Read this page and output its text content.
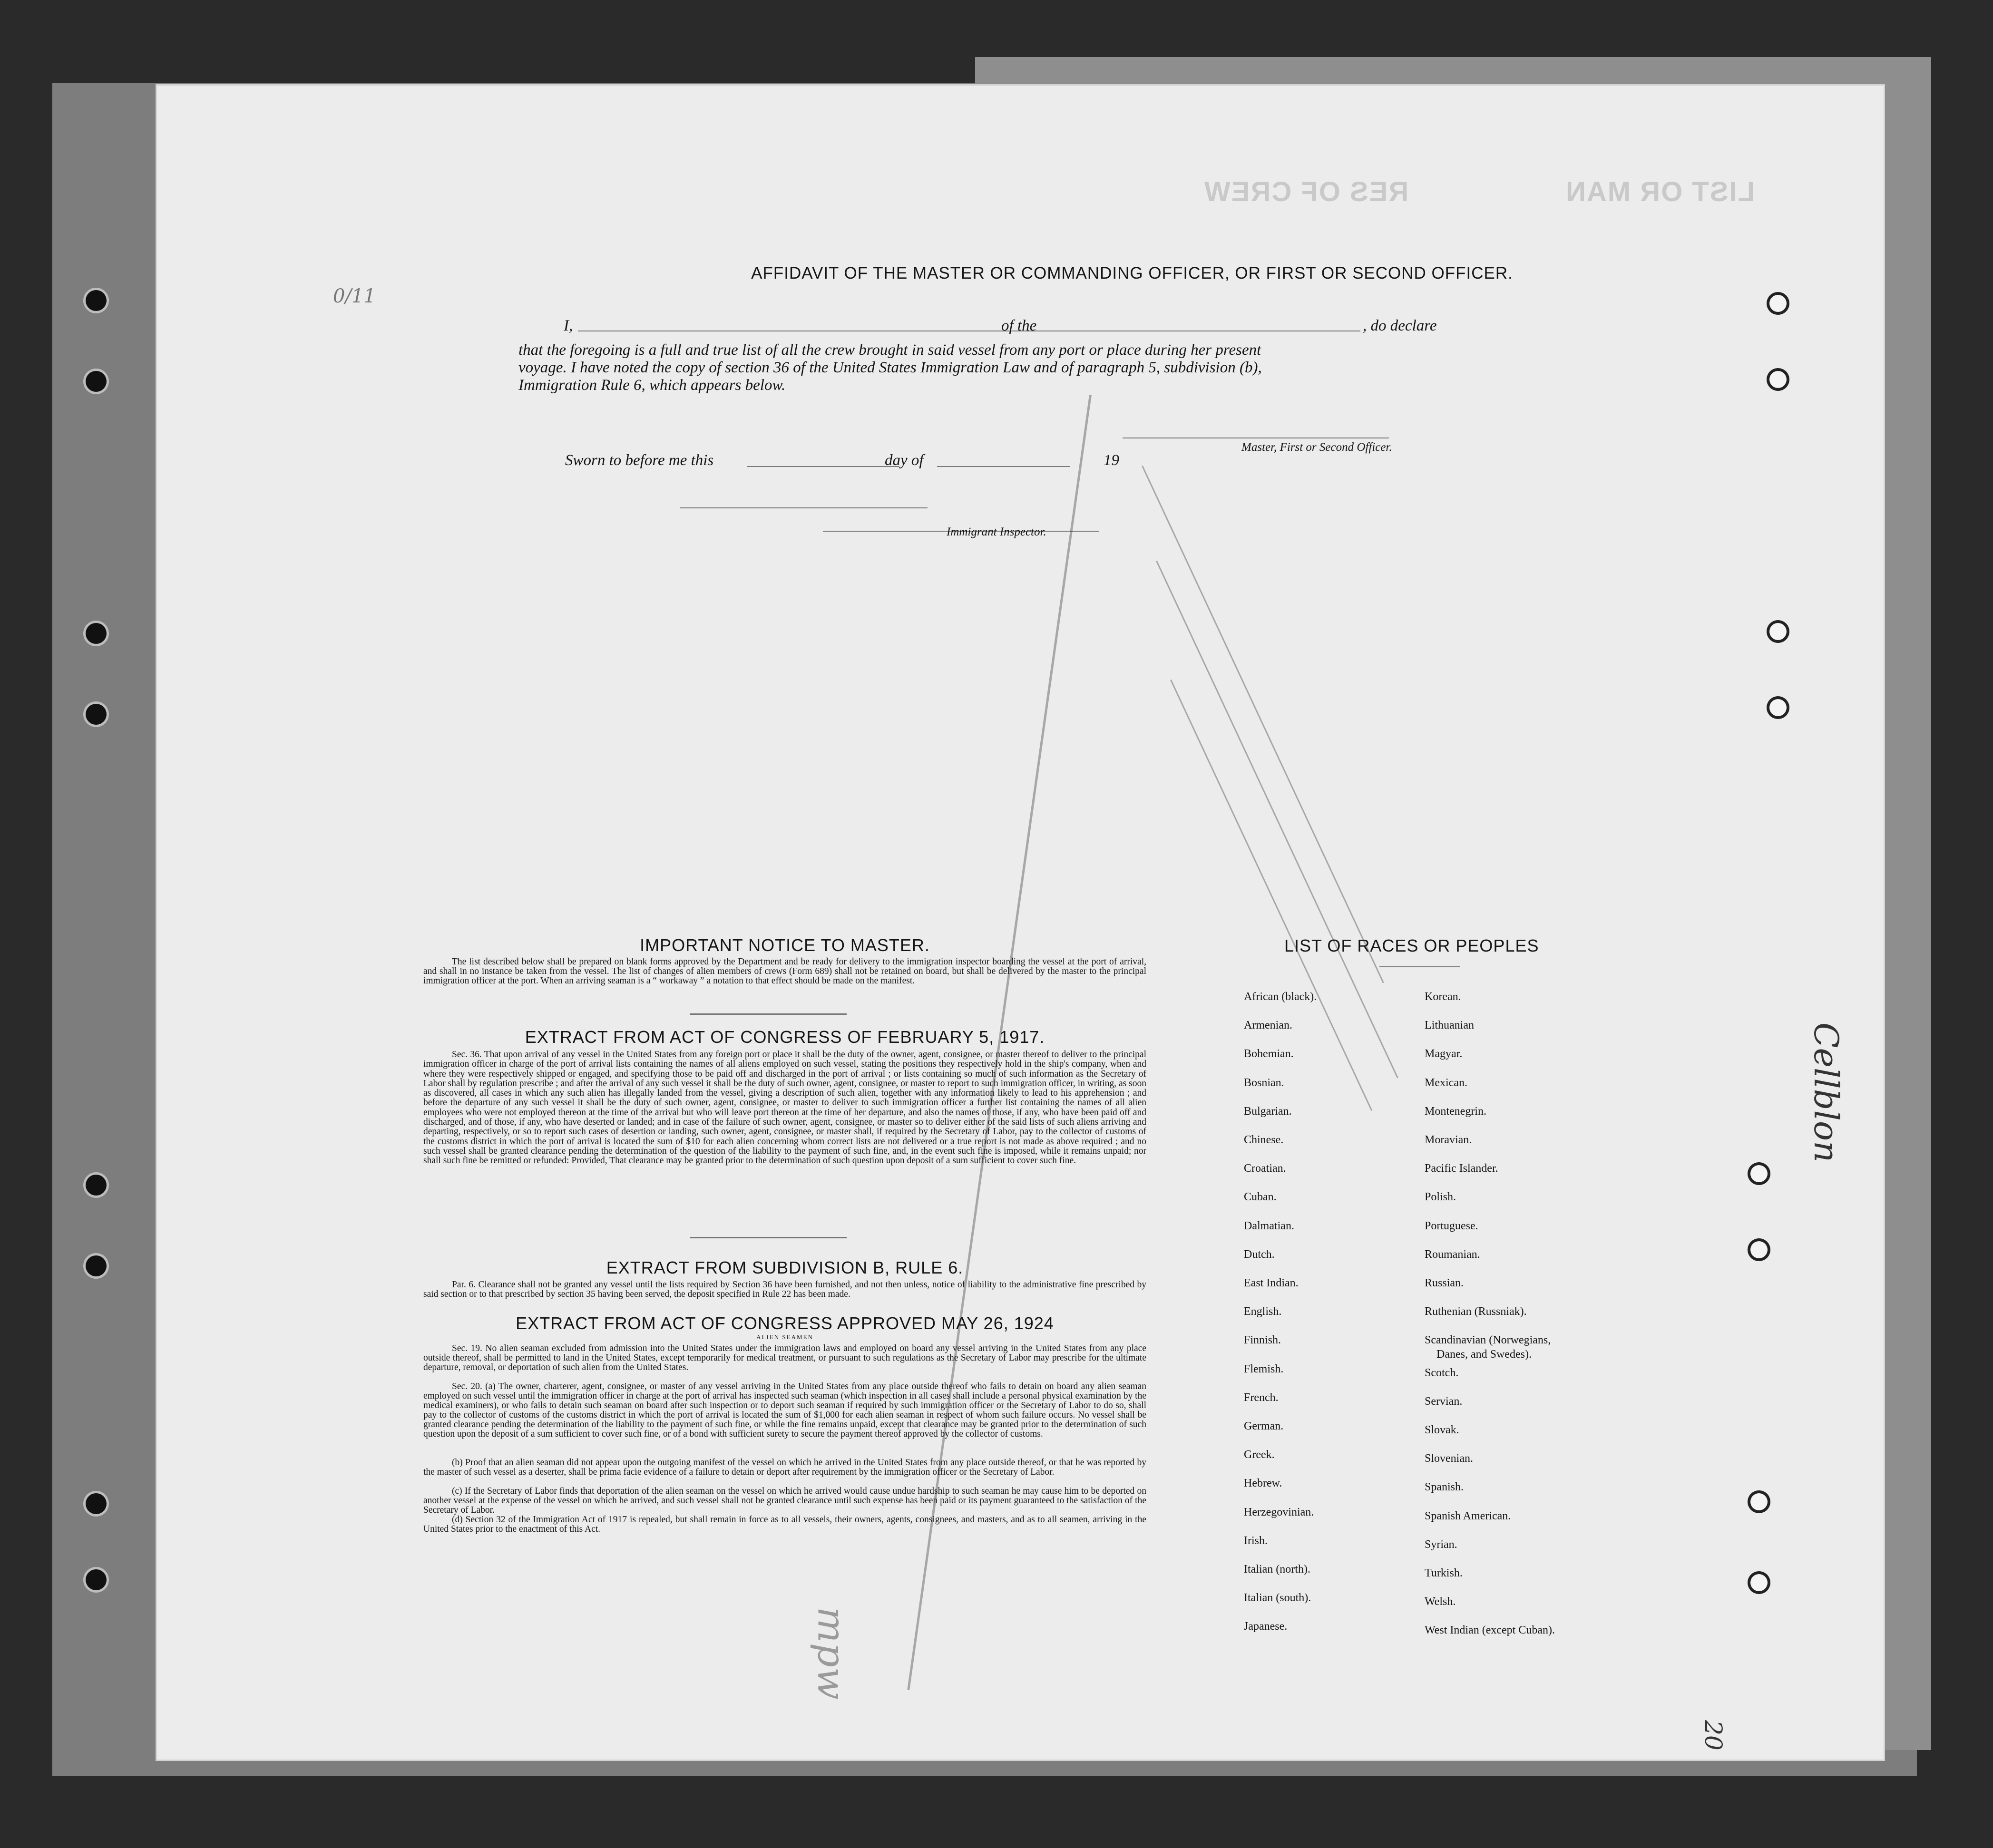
RES OF CREW	LIST OR MAN
AFFIDAVIT OF THE MASTER OR COMMANDING OFFICER, OR FIRST OR SECOND OFFICER.
I,	of the	, do declare
that the foregoing is a full and true list of all the crew brought in said vessel from any port or place during her present
voyage. I have noted the copy of section 36 of the United States Immigration Law and of paragraph 5, subdivision (b),
Immigration Rule 6, which appears below.
Master, First or Second Officer.
Sworn to before me this	day of	19
Immigrant Inspector.
IMPORTANT NOTICE TO MASTER.
The list described below shall be prepared on blank forms approved by the Department and be ready for delivery to the immigration inspector boarding the vessel at the port of arrival, and shall in no instance be taken from the vessel. The list of changes of alien members of crews (Form 689) shall not be retained on board, but shall be delivered by the master to the principal immigration officer at the port. When an arriving seaman is a “ workaway ” a notation to that effect should be made on the manifest.
EXTRACT FROM ACT OF CONGRESS OF FEBRUARY 5, 1917.
Sec. 36. That upon arrival of any vessel in the United States from any foreign port or place it shall be the duty of the owner, agent, consignee, or master thereof to deliver to the principal immigration officer in charge of the port of arrival lists containing the names of all aliens employed on such vessel, stating the positions they respectively hold in the ship's company, when and where they were respectively shipped or engaged, and specifying those to be paid off and discharged in the port of arrival ; or lists containing so much of such information as the Secretary of Labor shall by regulation prescribe ; and after the arrival of any such vessel it shall be the duty of such owner, agent, consignee, or master to report to such immigration officer, in writing, as soon as discovered, all cases in which any such alien has illegally landed from the vessel, giving a description of such alien, together with any information likely to lead to his apprehension ; and before the departure of any such vessel it shall be the duty of such owner, agent, consignee, or master to deliver to such immigration officer a further list containing the names of all alien employees who were not employed thereon at the time of the arrival but who will leave port thereon at the time of her departure, and also the names of those, if any, who have been paid off and discharged, and of those, if any, who have deserted or landed; and in case of the failure of such owner, agent, consignee, or master so to deliver either of the said lists of such aliens arriving and departing, respectively, or so to report such cases of desertion or landing, such owner, agent, consignee, or master shall, if required by the Secretary of Labor, pay to the collector of customs of the customs district in which the port of arrival is located the sum of $10 for each alien concerning whom correct lists are not delivered or a true report is not made as above required ; and no such vessel shall be granted clearance pending the determination of the question of the liability to the payment of such fine, and, in the event such fine is imposed, while it remains unpaid; nor shall such fine be remitted or refunded: Provided, That clearance may be granted prior to the determination of such question upon deposit of a sum sufficient to cover such fine.
EXTRACT FROM SUBDIVISION B, RULE 6.
Par. 6. Clearance shall not be granted any vessel until the lists required by Section 36 have been furnished, and not then unless, notice of liability to the administrative fine prescribed by said section or to that prescribed by section 35 having been served, the deposit specified in Rule 22 has been made.
EXTRACT FROM ACT OF CONGRESS APPROVED MAY 26, 1924
ALIEN SEAMEN
Sec. 19. No alien seaman excluded from admission into the United States under the immigration laws and employed on board any vessel arriving in the United States from any place outside thereof, shall be permitted to land in the United States, except temporarily for medical treatment, or pursuant to such regulations as the Secretary of Labor may prescribe for the ultimate departure, removal, or deportation of such alien from the United States.
Sec. 20. (a) The owner, charterer, agent, consignee, or master of any vessel arriving in the United States from any place outside thereof who fails to detain on board any alien seaman employed on such vessel until the immigration officer in charge at the port of arrival has inspected such seaman (which inspection in all cases shall include a personal physical examination by the medical examiners), or who fails to detain such seaman on board after such inspection or to deport such seaman if required by such immigration officer or the Secretary of Labor to do so, shall pay to the collector of customs of the customs district in which the port of arrival is located the sum of $1,000 for each alien seaman in respect of whom such failure occurs. No vessel shall be granted clearance pending the determination of the liability to the payment of such fine, or while the fine remains unpaid, except that clearance may be granted prior to the determination of such question upon the deposit of a sum sufficient to cover such fine, or of a bond with sufficient surety to secure the payment thereof approved by the collector of customs.
(b) Proof that an alien seaman did not appear upon the outgoing manifest of the vessel on which he arrived in the United States from any place outside thereof, or that he was reported by the master of such vessel as a deserter, shall be prima facie evidence of a failure to detain or deport after requirement by the immigration officer or the Secretary of Labor.
(c) If the Secretary of Labor finds that deportation of the alien seaman on the vessel on which he arrived would cause undue hardship to such seaman he may cause him to be deported on another vessel at the expense of the vessel on which he arrived, and such vessel shall not be granted clearance until such expense has been paid or its payment guaranteed to the satisfaction of the Secretary of Labor.
(d) Section 32 of the Immigration Act of 1917 is repealed, but shall remain in force as to all vessels, their owners, agents, consignees, and masters, and as to all seamen, arriving in the United States prior to the enactment of this Act.
LIST OF RACES OR PEOPLES
African (black).
Armenian.
Bohemian.
Bosnian.
Bulgarian.
Chinese.
Croatian.
Cuban.
Dalmatian.
Dutch.
East Indian.
English.
Finnish.
Flemish.
French.
German.
Greek.
Hebrew.
Herzegovinian.
Irish.
Italian (north).
Italian (south).
Japanese.
Korean.
Lithuanian
Magyar.
Mexican.
Montenegrin.
Moravian.
Pacific Islander.
Polish.
Portuguese.
Roumanian.
Russian.
Ruthenian (Russniak).
Scandinavian (Norwegians,
Scotch.
Servian.
Slovak.
Slovenian.
Spanish.
Spanish American.
Syrian.
Turkish.
Welsh.
West Indian (except Cuban).
Danes, and Swedes).
mpw
Cellblon
0/11
20
